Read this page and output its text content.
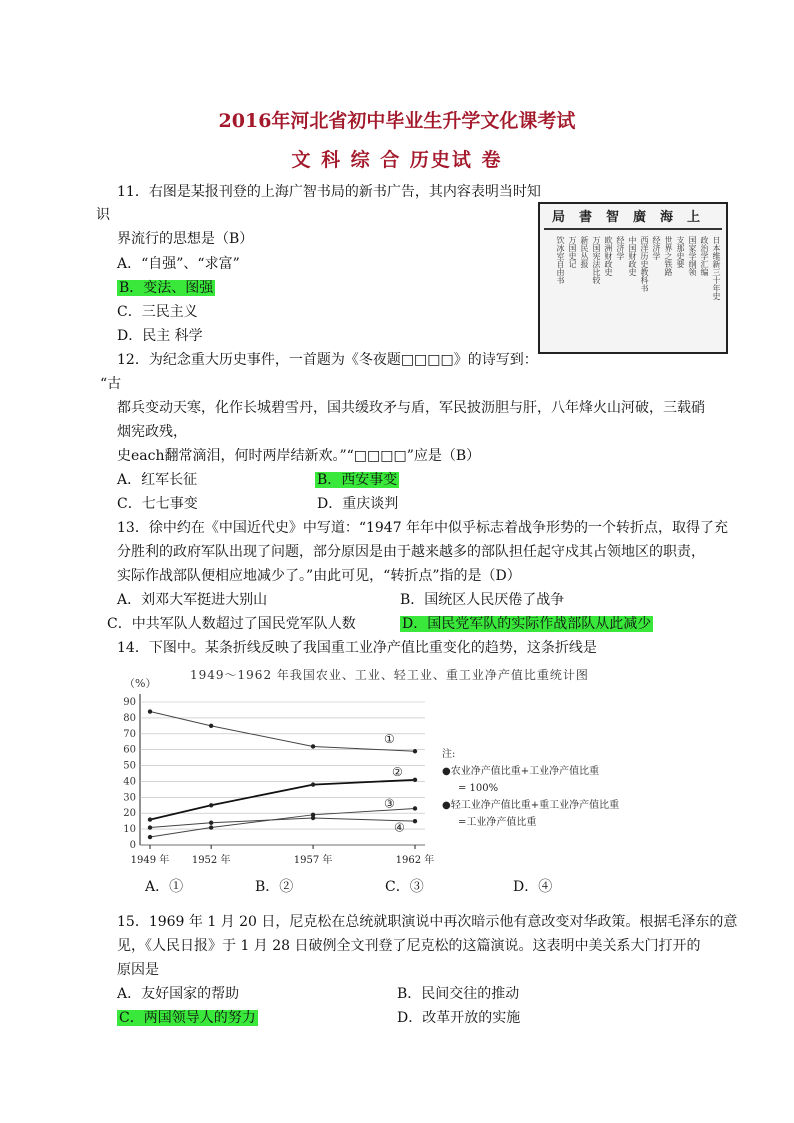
2016年河北省初中毕业生升学文化课考试
文 科 综 合 历史试 卷
11．右图是某报刊登的上海广智书局的新书广告，其内容表明当时知
识
界流行的思想是（B）
A．“自强”、“求富”
B．变法、图强
C．三民主义
D．民主 科学
局書智廣海上
日本维新三十年史
政治学汇编
国家学纲领
支那史要
世界之铁路
经济学
西洋历史教科书
中国财政史
经济学
欧洲财政史
万国宪法比较
新民丛报
万国史记
饮冰室自由书
12．为纪念重大历史事件，一首题为《冬夜题□□□□》的诗写到：
“古
都兵变动天寒，化作长城碧雪丹，国共缓玫矛与盾，军民披沥胆与肝，八年烽火山河破，三载硝
烟宪政残，
史each翻常滴泪，何时两岸结新欢。”“□□□□”应是（B）
A．红军长征	B．西安事变
C．七七事变	D．重庆谈判
13．徐中约在《中国近代史》中写道：“1947 年年中似乎标志着战争形势的一个转折点，取得了充
分胜利的政府军队出现了问题，部分原因是由于越来越多的部队担任起守戍其占领地区的职责，
实际作战部队便相应地减少了。”由此可见，“转折点”指的是（D）
A．刘邓大军挺进大别山	B．国统区人民厌倦了战争
C．中共军队人数超过了国民党军队人数	D．国民党军队的实际作战部队从此减少
14．下图中。某条折线反映了我国重工业净产值比重变化的趋势，这条折线是
1949～1962 年我国农业、工业、轻工业、重工业净产值比重统计图
（%）
0
10
20
30
40
50
60
70
80
90
1949 年 1952 年	1957 年	1962 年
①
②
③
④
注:
●农业净产值比重+工业净产值比重
= 100%
●轻工业净产值比重+重工业净产值比重
=工业净产值比重
A．①	B．②	C．③	D．④
15．1969 年 1 月 20 日，尼克松在总统就职演说中再次暗示他有意改变对华政策。根据毛泽东的意
见，《人民日报》于 1 月 28 日破例全文刊登了尼克松的这篇演说。这表明中美关系大门打开的
原因是
A．友好国家的帮助	B．民间交往的推动
C．两国领导人的努力	D．改革开放的实施
